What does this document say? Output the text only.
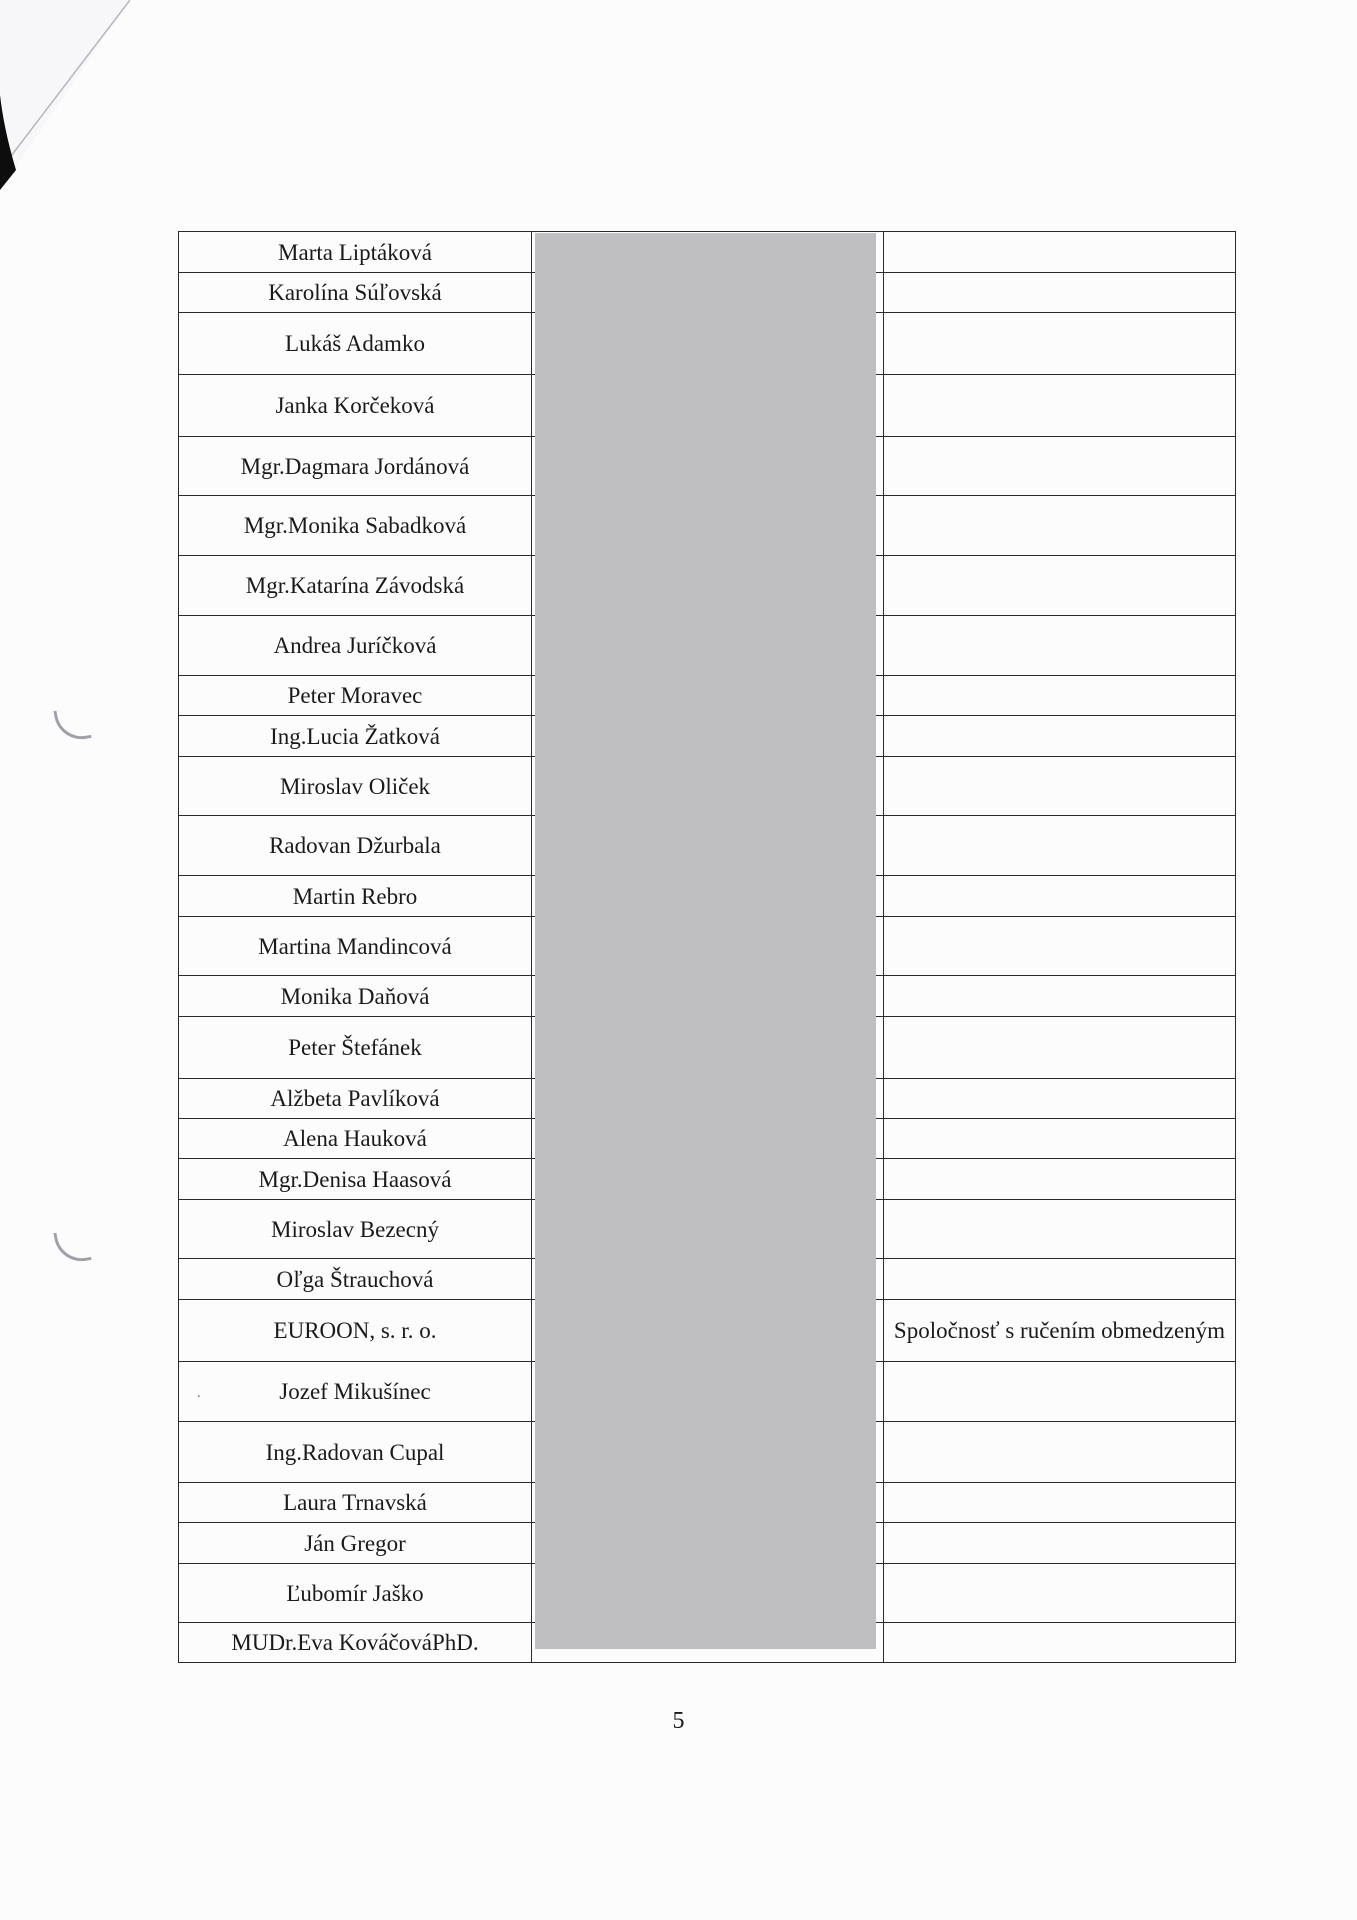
Marta Liptáková		
Karolína Súľovská		
Lukáš Adamko		
Janka Korčeková		
Mgr.Dagmara Jordánová		
Mgr.Monika Sabadková		
Mgr.Katarína Závodská		
Andrea Juríčková		
Peter Moravec		
Ing.Lucia Žatková		
Miroslav Oliček		
Radovan Džurbala		
Martin Rebro		
Martina Mandincová		
Monika Daňová		
Peter Štefánek		
Alžbeta Pavlíková		
Alena Hauková		
Mgr.Denisa Haasová		
Miroslav Bezecný		
Oľga Štrauchová		
EUROON, s. r. o.		Spoločnosť s ručením obmedzeným
Jozef Mikušínec		
Ing.Radovan Cupal		
Laura Trnavská		
Ján Gregor		
Ľubomír Jaško		
MUDr.Eva KováčováPhD.		
.
5
